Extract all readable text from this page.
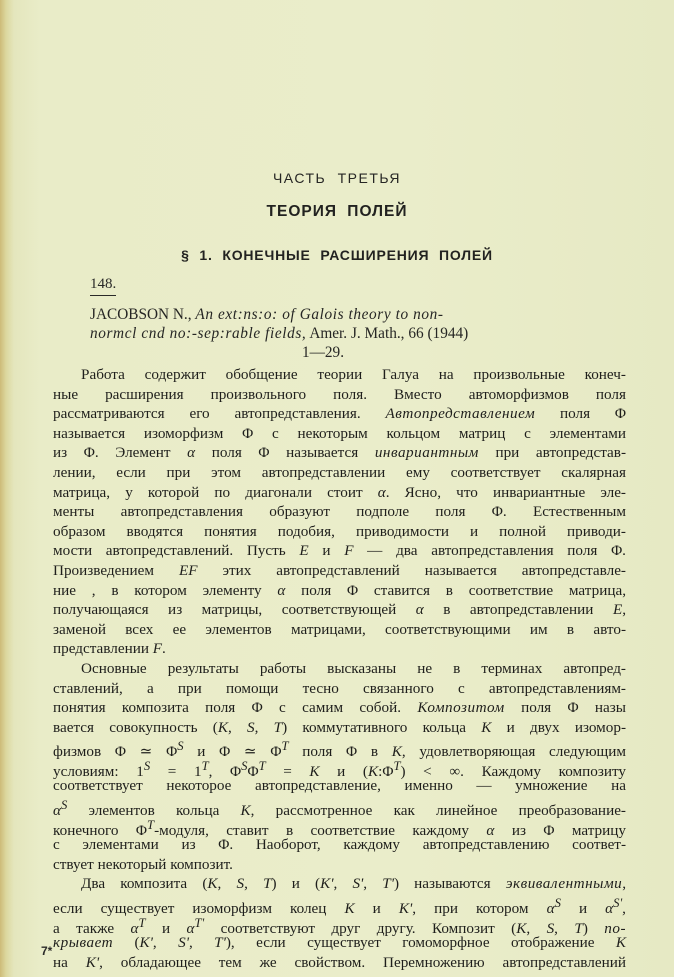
ЧАСТЬ ТРЕТЬЯ
ТЕОРИЯ ПОЛЕЙ
§ 1. КОНЕЧНЫЕ РАСШИРЕНИЯ ПОЛЕЙ
148.
JACOBSON N., An ext:ns:o: of Galois theory to non-
normcl cnd no:-sep:rable fields, Amer. J. Math., 66 (1944)
1—29.
Работа содержит обобщение теории Галуа на произвольные конеч-
ные расширения произвольного поля. Вместо автоморфизмов поля
рассматриваются его автопредставления. Автопредставлением поля Φ
называется изоморфизм Φ с некоторым кольцом матриц с элементами
из Φ. Элемент α поля Φ называется инвариантным при автопредстав-
лении, если при этом автопредставлении ему соответствует скалярная
матрица, у которой по диагонали стоит α. Ясно, что инвариантные эле-
менты автопредставления образуют подполе поля Φ. Естественным
образом вводятся понятия подобия, приводимости и полной приводи-
мости автопредставлений. Пусть E и F — два автопредставления поля Φ.
Произведением EF этих автопредставлений называется автопредставле-
ние , в котором элементу α поля Φ ставится в соответствие матрица,
получающаяся из матрицы, соответствующей α в автопредставлении E,
заменой всех ее элементов матрицами, соответствующими им в авто-
представлении F.
Основные результаты работы высказаны не в терминах автопред-
ставлений, а при помощи тесно связанного с автопредставлениям-
понятия композита поля Φ с самим собой. Композитом поля Φ назы
вается совокупность (K, S, T) коммутативного кольца K и двух изомор-
физмов Φ ≃ $\Phi^S$ и Φ ≃ $\Phi^T$ поля Φ в K, удовлетворяющая следующим
условиям: $1^S = 1^T$, $\Phi^S\Phi^T = K$ и $(K:\Phi^T)$ < ∞. Каждому композиту
соответствует некоторое автопредставление, именно — умножение на
$\alpha^S$ элементов кольца K, рассмотренное как линейное преобразование-
конечного $\Phi^T$-модуля, ставит в соответствие каждому α из Φ матрицу
с элементами из Φ. Наоборот, каждому автопредставлению соответ-
ствует некоторый композит.
Два композита (K, S, T) и (K', S', T') называются эквивалентными,
если существует изоморфизм колец K и K', при котором $\alpha^S$ и $\alpha^{S'}$,
а также $\alpha^T$ и $\alpha^{T'}$ соответствуют друг другу. Композит (K, S, T) по-
крывает (K', S', T'), если существует гомоморфное отображение K
на K', обладающее тем же свойством. Перемножению автопредставлений
7*
